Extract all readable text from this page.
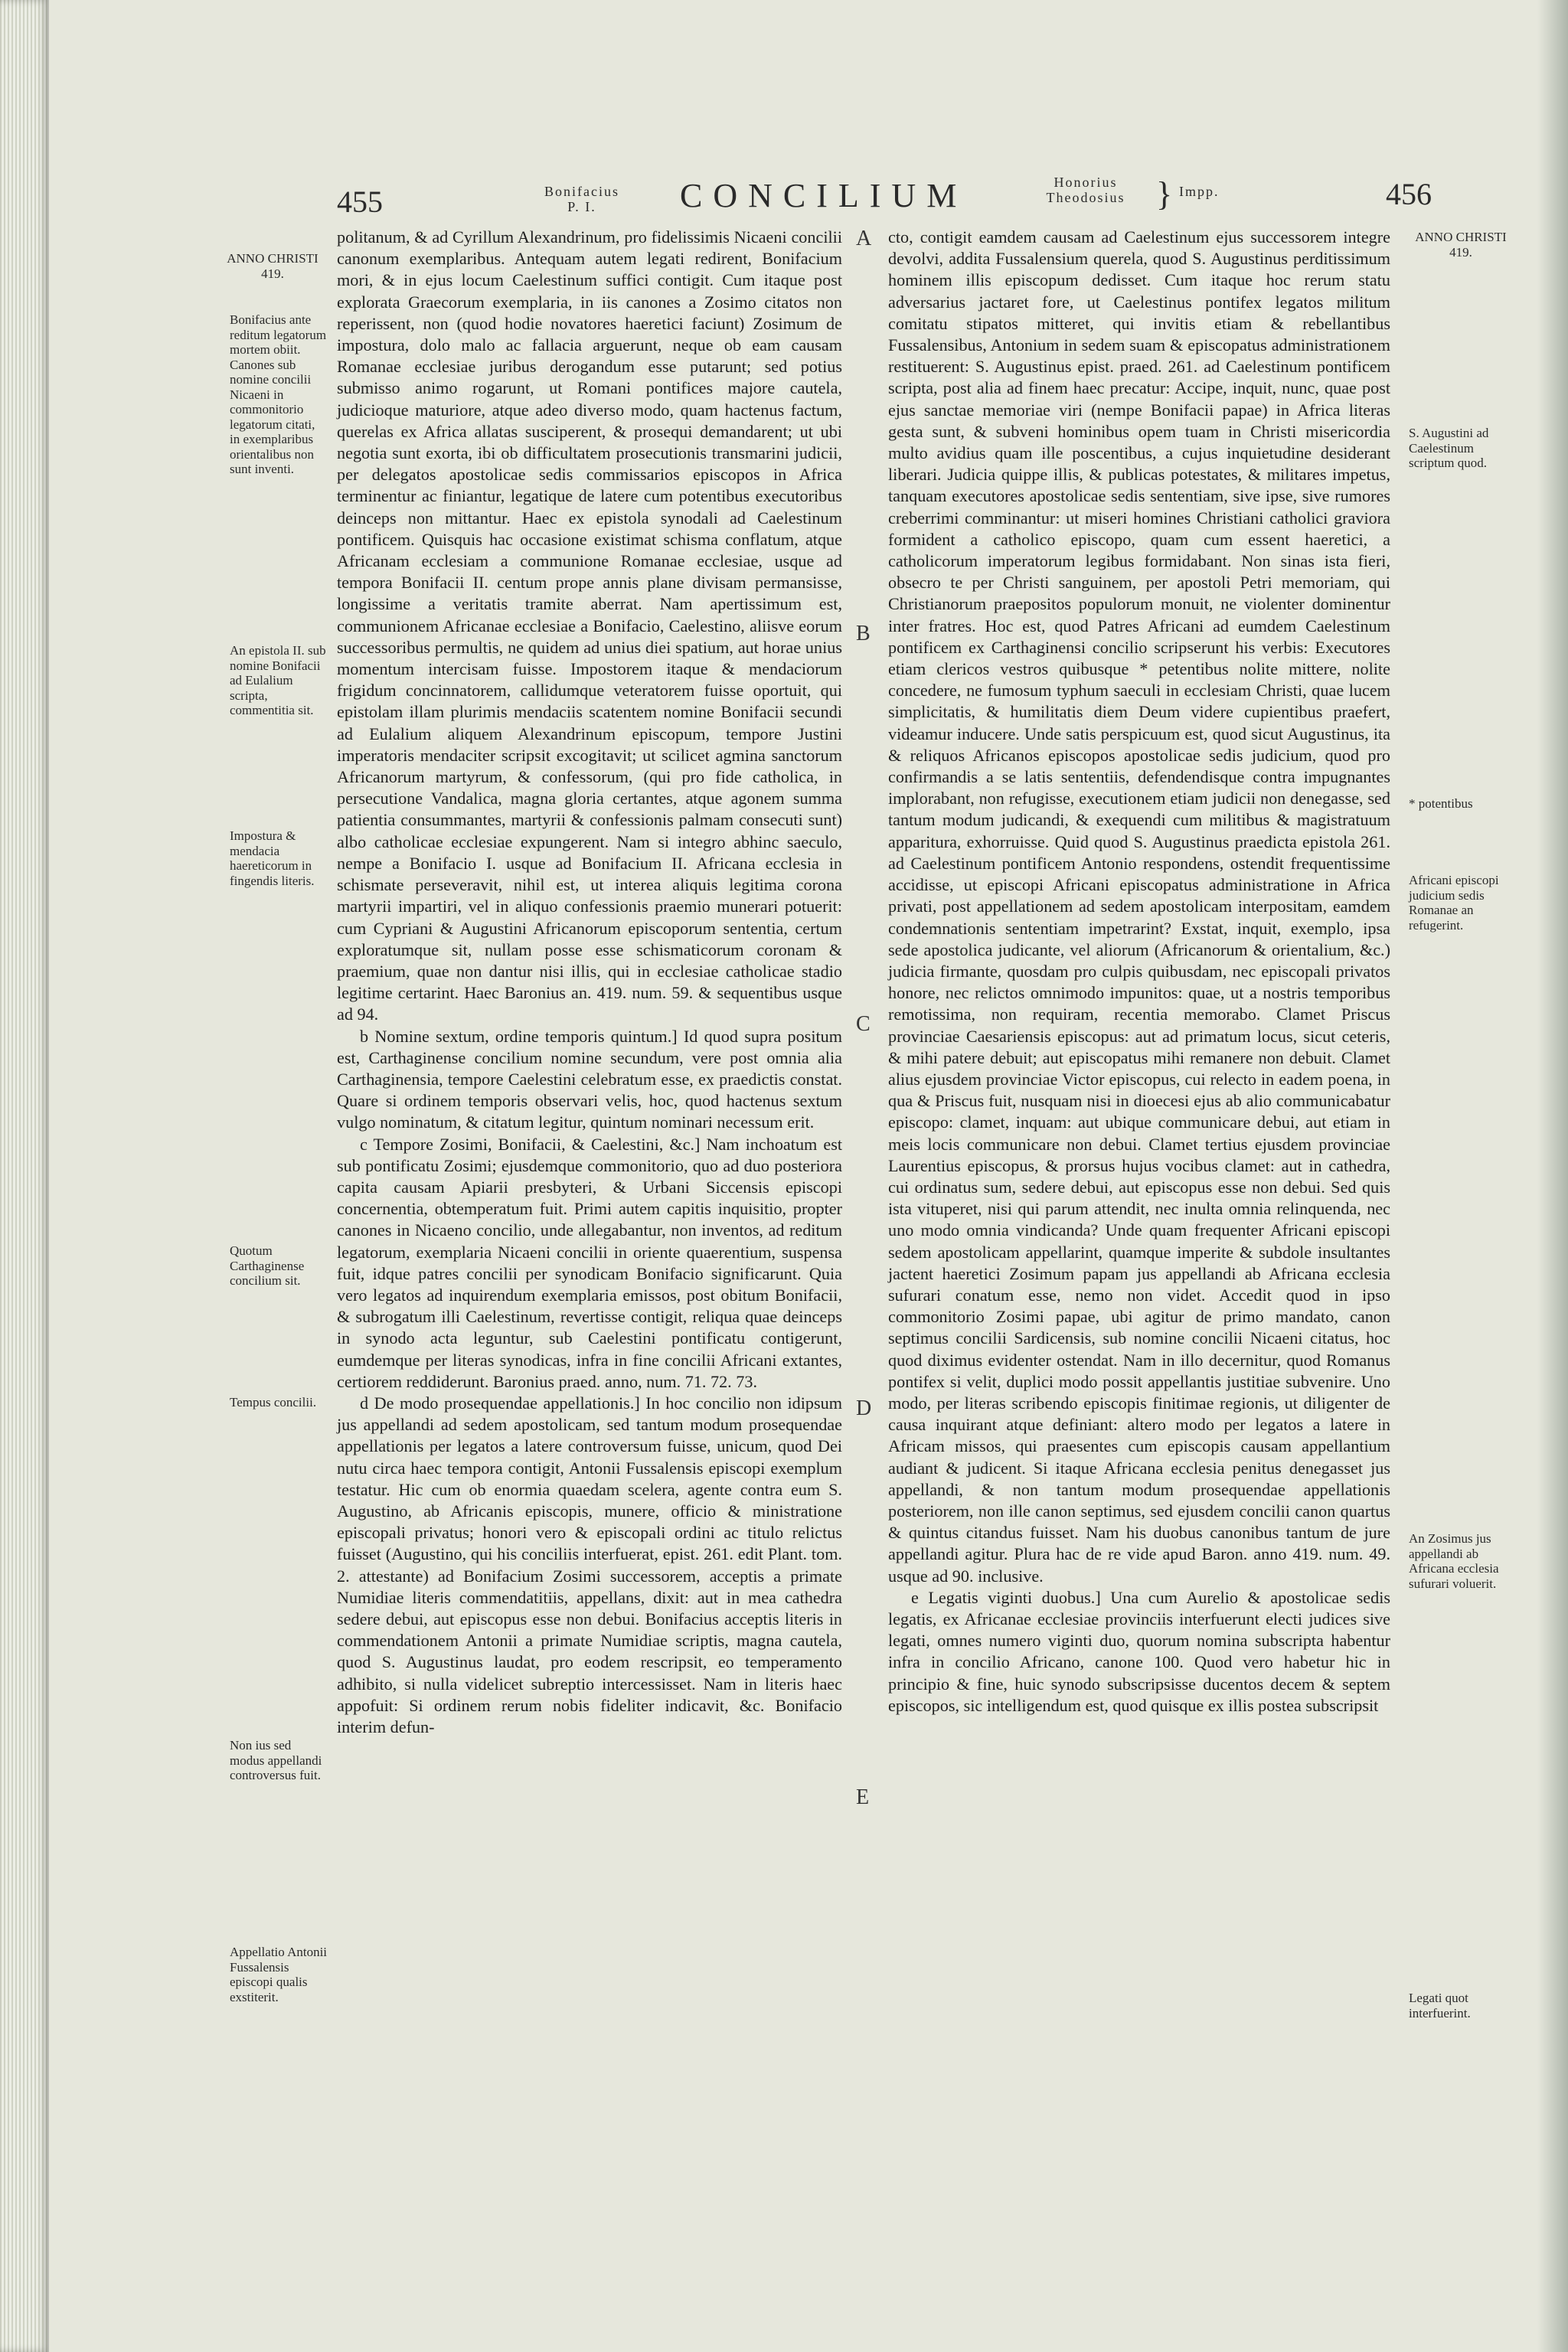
455	Bonifacius
P. I.	CONCILIUM	Honorius
Theodosius } Impp.	456
ANNO CHRISTI 419.
Bonifacius ante reditum legatorum mortem obiit. Canones sub nomine concilii Nicaeni in commonitorio legatorum citati, in exemplaribus orientalibus non sunt inventi.
An epistola II. sub nomine Bonifacii ad Eulalium scripta, commentitia sit.
Impostura & mendacia haereticorum in fingendis literis.
Quotum Carthaginense concilium sit.
Tempus concilii.
Non ius sed modus appellandi controversus fuit.
Appellatio Antonii Fussalensis episcopi qualis exstiterit.

politanum, & ad Cyrillum Alexandrinum, pro fidelissimis Nicaeni concilii canonum exemplaribus. Antequam autem legati redirent, Bonifacium mori, & in ejus locum Caelestinum suffici contigit. Cum itaque post explorata Graecorum exemplaria, in iis canones a Zosimo citatos non reperissent, non (quod hodie novatores haeretici faciunt) Zosimum de impostura, dolo malo ac fallacia arguerunt, neque ob eam causam Romanae ecclesiae juribus derogandum esse putarunt; sed potius submisso animo rogarunt, ut Romani pontifices majore cautela, judicioque maturiore, atque adeo diverso modo, quam hactenus factum, querelas ex Africa allatas susciperent, & prosequi demandarent; ut ubi negotia sunt exorta, ibi ob difficultatem prosecutionis transmarini judicii, per delegatos apostolicae sedis commissarios episcopos in Africa terminentur ac finiantur, legatique de latere cum potentibus executoribus deinceps non mittantur. Haec ex epistola synodali ad Caelestinum pontificem. Quisquis hac occasione existimat schisma conflatum, atque Africanam ecclesiam a communione Romanae ecclesiae, usque ad tempora Bonifacii II. centum prope annis plane divisam permansisse, longissime a veritatis tramite aberrat. Nam apertissimum est, communionem Africanae ecclesiae a Bonifacio, Caelestino, aliisve eorum successoribus permultis, ne quidem ad unius diei spatium, aut horae unius momentum intercisam fuisse. Impostorem itaque & mendaciorum frigidum concinnatorem, callidumque veteratorem fuisse oportuit, qui epistolam illam plurimis mendaciis scatentem nomine Bonifacii secundi ad Eulalium aliquem Alexandrinum episcopum, tempore Justini imperatoris mendaciter scripsit excogitavit; ut scilicet agmina sanctorum Africanorum martyrum, & confessorum, (qui pro fide catholica, in persecutione Vandalica, magna gloria certantes, atque agonem summa patientia consummantes, martyrii & confessionis palmam consecuti sunt) albo catholicae ecclesiae expungerent. Nam si integro abhinc saeculo, nempe a Bonifacio I. usque ad Bonifacium II. Africana ecclesia in schismate perseveravit, nihil est, ut interea aliquis legitima corona martyrii impartiri, vel in aliquo confessionis praemio munerari potuerit: cum Cypriani & Augustini Africanorum episcoporum sententia, certum exploratumque sit, nullam posse esse schismaticorum coronam & praemium, quae non dantur nisi illis, qui in ecclesiae catholicae stadio legitime certarint. Haec Baronius an. 419. num. 59. & sequentibus usque ad 94.

b Nomine sextum, ordine temporis quintum.] Id quod supra positum est, Carthaginense concilium nomine secundum, vere post omnia alia Carthaginensia, tempore Caelestini celebratum esse, ex praedictis constat. Quare si ordinem temporis observari velis, hoc, quod hactenus sextum vulgo nominatum, & citatum legitur, quintum nominari necessum erit.

c Tempore Zosimi, Bonifacii, & Caelestini, &c.] Nam inchoatum est sub pontificatu Zosimi; ejusdemque commonitorio, quo ad duo posteriora capita causam Apiarii presbyteri, & Urbani Siccensis episcopi concernentia, obtemperatum fuit. Primi autem capitis inquisitio, propter canones in Nicaeno concilio, unde allegabantur, non inventos, ad reditum legatorum, exemplaria Nicaeni concilii in oriente quaerentium, suspensa fuit, idque patres concilii per synodicam Bonifacio significarunt. Quia vero legatos ad inquirendum exemplaria emissos, post obitum Bonifacii, & subrogatum illi Caelestinum, revertisse contigit, reliqua quae deinceps in synodo acta leguntur, sub Caelestini pontificatu contigerunt, eumdemque per literas synodicas, infra in fine concilii Africani extantes, certiorem reddiderunt. Baronius praed. anno, num. 71. 72. 73.

d De modo prosequendae appellationis.] In hoc concilio non idipsum jus appellandi ad sedem apostolicam, sed tantum modum prosequendae appellationis per legatos a latere controversum fuisse, unicum, quod Dei nutu circa haec tempora contigit, Antonii Fussalensis episcopi exemplum testatur. Hic cum ob enormia quaedam scelera, agente contra eum S. Augustino, ab Africanis episcopis, munere, officio & ministratione episcopali privatus; honori vero & episcopali ordini ac titulo relictus fuisset (Augustino, qui his conciliis interfuerat, epist. 261. edit Plant. tom. 2. attestante) ad Bonifacium Zosimi successorem, acceptis a primate Numidiae literis commendatitiis, appellans, dixit: aut in mea cathedra sedere debui, aut episcopus esse non debui. Bonifacius acceptis literis in commendationem Antonii a primate Numidiae scriptis, magna cautela, quod S. Augustinus laudat, pro eodem rescripsit, eo temperamento adhibito, si nulla videlicet subreptio intercessisset. Nam in literis haec appofuit: Si ordinem rerum nobis fideliter indicavit, &c. Bonifacio interim defun-

A
B
C
D
E

cto, contigit eamdem causam ad Caelestinum ejus successorem integre devolvi, addita Fussalensium querela, quod S. Augustinus perditissimum hominem illis episcopum dedisset. Cum itaque hoc rerum statu adversarius jactaret fore, ut Caelestinus pontifex legatos militum comitatu stipatos mitteret, qui invitis etiam & rebellantibus Fussalensibus, Antonium in sedem suam & episcopatus administrationem restituerent: S. Augustinus epist. praed. 261. ad Caelestinum pontificem scripta, post alia ad finem haec precatur: Accipe, inquit, nunc, quae post ejus sanctae memoriae viri (nempe Bonifacii papae) in Africa literas gesta sunt, & subveni hominibus opem tuam in Christi misericordia multo avidius quam ille poscentibus, a cujus inquietudine desiderant liberari. Judicia quippe illis, & publicas potestates, & militares impetus, tanquam executores apostolicae sedis sententiam, sive ipse, sive rumores creberrimi comminantur: ut miseri homines Christiani catholici graviora formident a catholico episcopo, quam cum essent haeretici, a catholicorum imperatorum legibus formidabant. Non sinas ista fieri, obsecro te per Christi sanguinem, per apostoli Petri memoriam, qui Christianorum praepositos populorum monuit, ne violenter dominentur inter fratres. Hoc est, quod Patres Africani ad eumdem Caelestinum pontificem ex Carthaginensi concilio scripserunt his verbis: Executores etiam clericos vestros quibusque * petentibus nolite mittere, nolite concedere, ne fumosum typhum saeculi in ecclesiam Christi, quae lucem simplicitatis, & humilitatis diem Deum videre cupientibus praefert, videamur inducere. Unde satis perspicuum est, quod sicut Augustinus, ita & reliquos Africanos episcopos apostolicae sedis judicium, quod pro confirmandis a se latis sententiis, defendendisque contra impugnantes implorabant, non refugisse, executionem etiam judicii non denegasse, sed tantum modum judicandi, & exequendi cum militibus & magistratuum apparitura, exhorruisse. Quid quod S. Augustinus praedicta epistola 261. ad Caelestinum pontificem Antonio respondens, ostendit frequentissime accidisse, ut episcopi Africani episcopatus administratione in Africa privati, post appellationem ad sedem apostolicam interpositam, eamdem condemnationis sententiam impetrarint? Exstat, inquit, exemplo, ipsa sede apostolica judicante, vel aliorum (Africanorum & orientalium, &c.) judicia firmante, quosdam pro culpis quibusdam, nec episcopali privatos honore, nec relictos omnimodo impunitos: quae, ut a nostris temporibus remotissima, non requiram, recentia memorabo. Clamet Priscus provinciae Caesariensis episcopus: aut ad primatum locus, sicut ceteris, & mihi patere debuit; aut episcopatus mihi remanere non debuit. Clamet alius ejusdem provinciae Victor episcopus, cui relecto in eadem poena, in qua & Priscus fuit, nusquam nisi in dioecesi ejus ab alio communicabatur episcopo: clamet, inquam: aut ubique communicare debui, aut etiam in meis locis communicare non debui. Clamet tertius ejusdem provinciae Laurentius episcopus, & prorsus hujus vocibus clamet: aut in cathedra, cui ordinatus sum, sedere debui, aut episcopus esse non debui. Sed quis ista vituperet, nisi qui parum attendit, nec inulta omnia relinquenda, nec uno modo omnia vindicanda? Unde quam frequenter Africani episcopi sedem apostolicam appellarint, quamque imperite & subdole insultantes jactent haeretici Zosimum papam jus appellandi ab Africana ecclesia sufurari conatum esse, nemo non videt. Accedit quod in ipso commonitorio Zosimi papae, ubi agitur de primo mandato, canon septimus concilii Sardicensis, sub nomine concilii Nicaeni citatus, hoc quod diximus evidenter ostendat. Nam in illo decernitur, quod Romanus pontifex si velit, duplici modo possit appellantis justitiae subvenire. Uno modo, per literas scribendo episcopis finitimae regionis, ut diligenter de causa inquirant atque definiant: altero modo per legatos a latere in Africam missos, qui praesentes cum episcopis causam appellantium audiant & judicent. Si itaque Africana ecclesia penitus denegasset jus appellandi, & non tantum modum prosequendae appellationis posteriorem, non ille canon septimus, sed ejusdem concilii canon quartus & quintus citandus fuisset. Nam his duobus canonibus tantum de jure appellandi agitur. Plura hac de re vide apud Baron. anno 419. num. 49. usque ad 90. inclusive.

e Legatis viginti duobus.] Una cum Aurelio & apostolicae sedis legatis, ex Africanae ecclesiae provinciis interfuerunt electi judices sive legati, omnes numero viginti duo, quorum nomina subscripta habentur infra in concilio Africano, canone 100. Quod vero habetur hic in principio & fine, huic synodo subscripsisse ducentos decem & septem episcopos, sic intelligendum est, quod quisque ex illis postea subscripsit

ANNO CHRISTI 419.
S. Augustini ad Caelestinum scriptum quod.
* potentibus
Africani episcopi judicium sedis Romanae an refugerint.
An Zosimus jus appellandi ab Africana ecclesia sufurari voluerit.
Legati quot interfuerint.
